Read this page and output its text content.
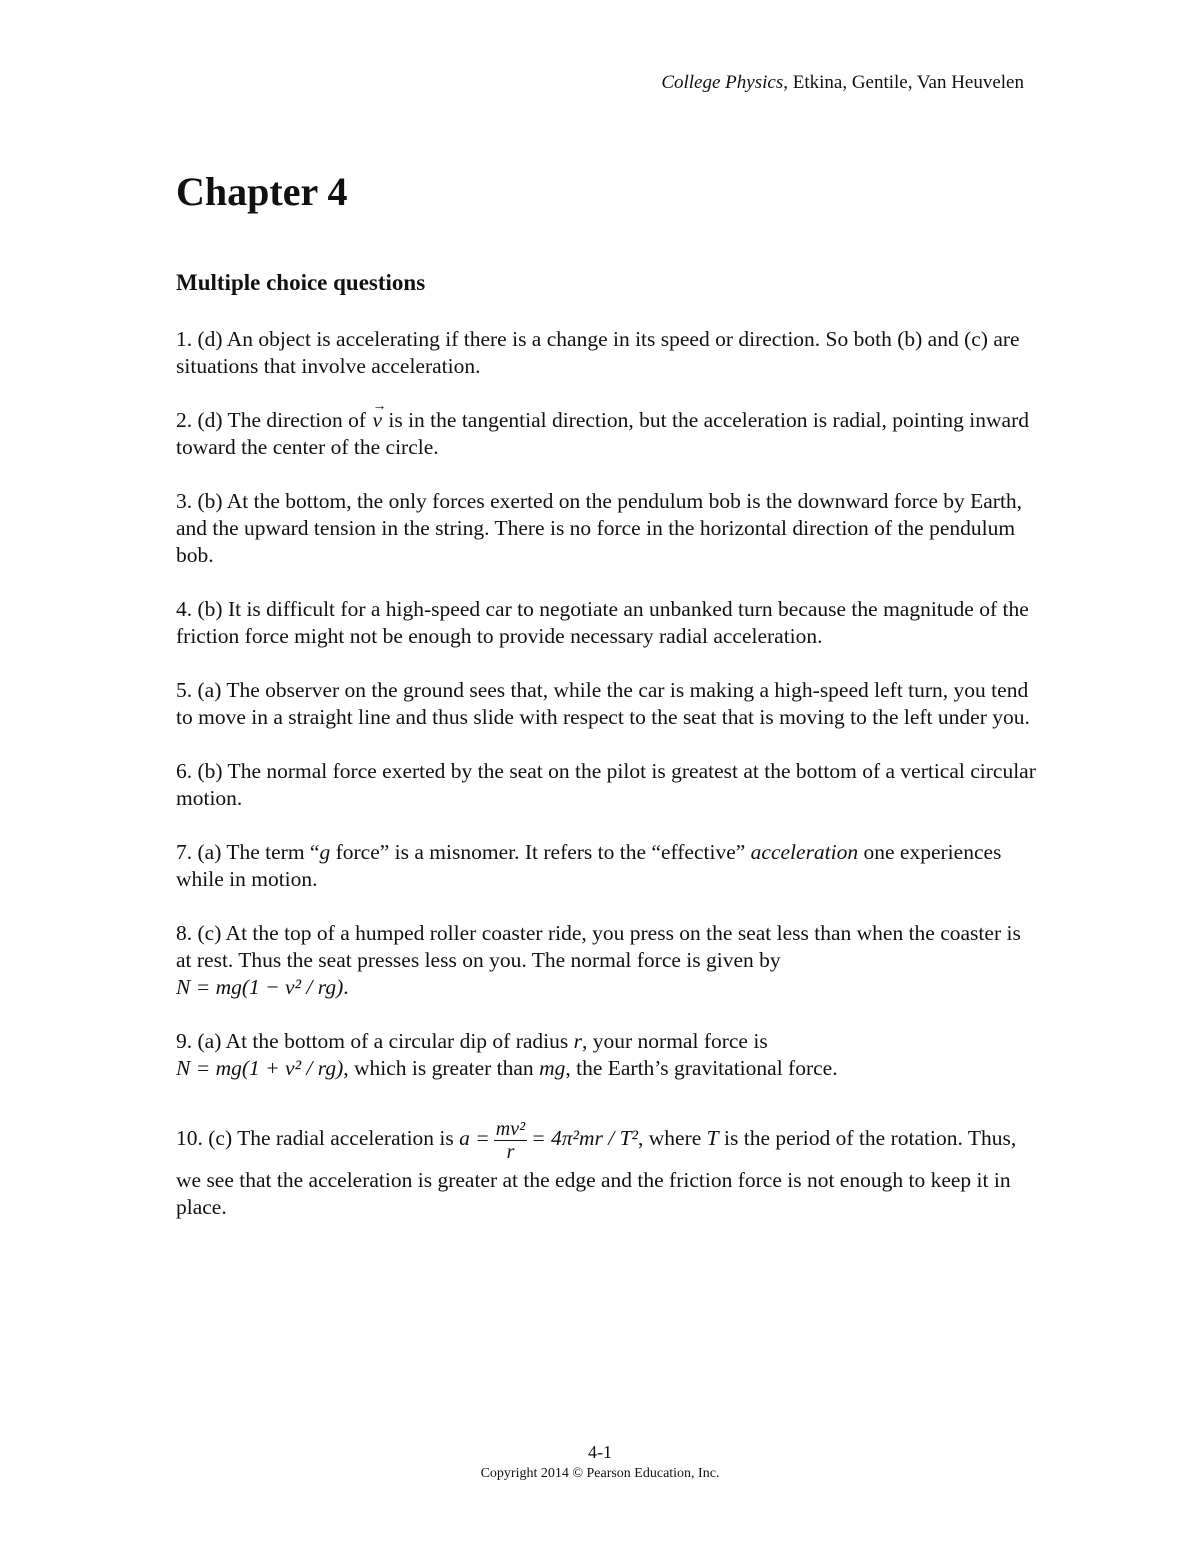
College Physics, Etkina, Gentile, Van Heuvelen
Chapter 4
Multiple choice questions

1. (d) An object is accelerating if there is a change in its speed or direction. So both (b) and (c) are situations that involve acceleration.

2. (d) The direction of → v is in the tangential direction, but the acceleration is radial, pointing inward toward the center of the circle.

3. (b) At the bottom, the only forces exerted on the pendulum bob is the downward force by Earth, and the upward tension in the string. There is no force in the horizontal direction of the pendulum bob.

4. (b) It is difficult for a high-speed car to negotiate an unbanked turn because the magnitude of the friction force might not be enough to provide necessary radial acceleration.

5. (a) The observer on the ground sees that, while the car is making a high-speed left turn, you tend to move in a straight line and thus slide with respect to the seat that is moving to the left under you.

6. (b) The normal force exerted by the seat on the pilot is greatest at the bottom of a vertical circular motion.

7. (a) The term “g force” is a misnomer. It refers to the “effective” acceleration one experiences while in motion.

8. (c) At the top of a humped roller coaster ride, you press on the seat less than when the coaster is at rest. Thus the seat presses less on you. The normal force is given by
N = mg(1 − v² / rg).

9. (a) At the bottom of a circular dip of radius r, your normal force is
N = mg(1 + v² / rg), which is greater than mg, the Earth’s gravitational force.

10. (c) The radial acceleration is $a = \frac{\text{mv²}}{r} = 4\pi^2mr / T^2$, where T is the period of the rotation. Thus, we see that the acceleration is greater at the edge and the friction force is not enough to keep it in place.

4-1
Copyright 2014 © Pearson Education, Inc.
